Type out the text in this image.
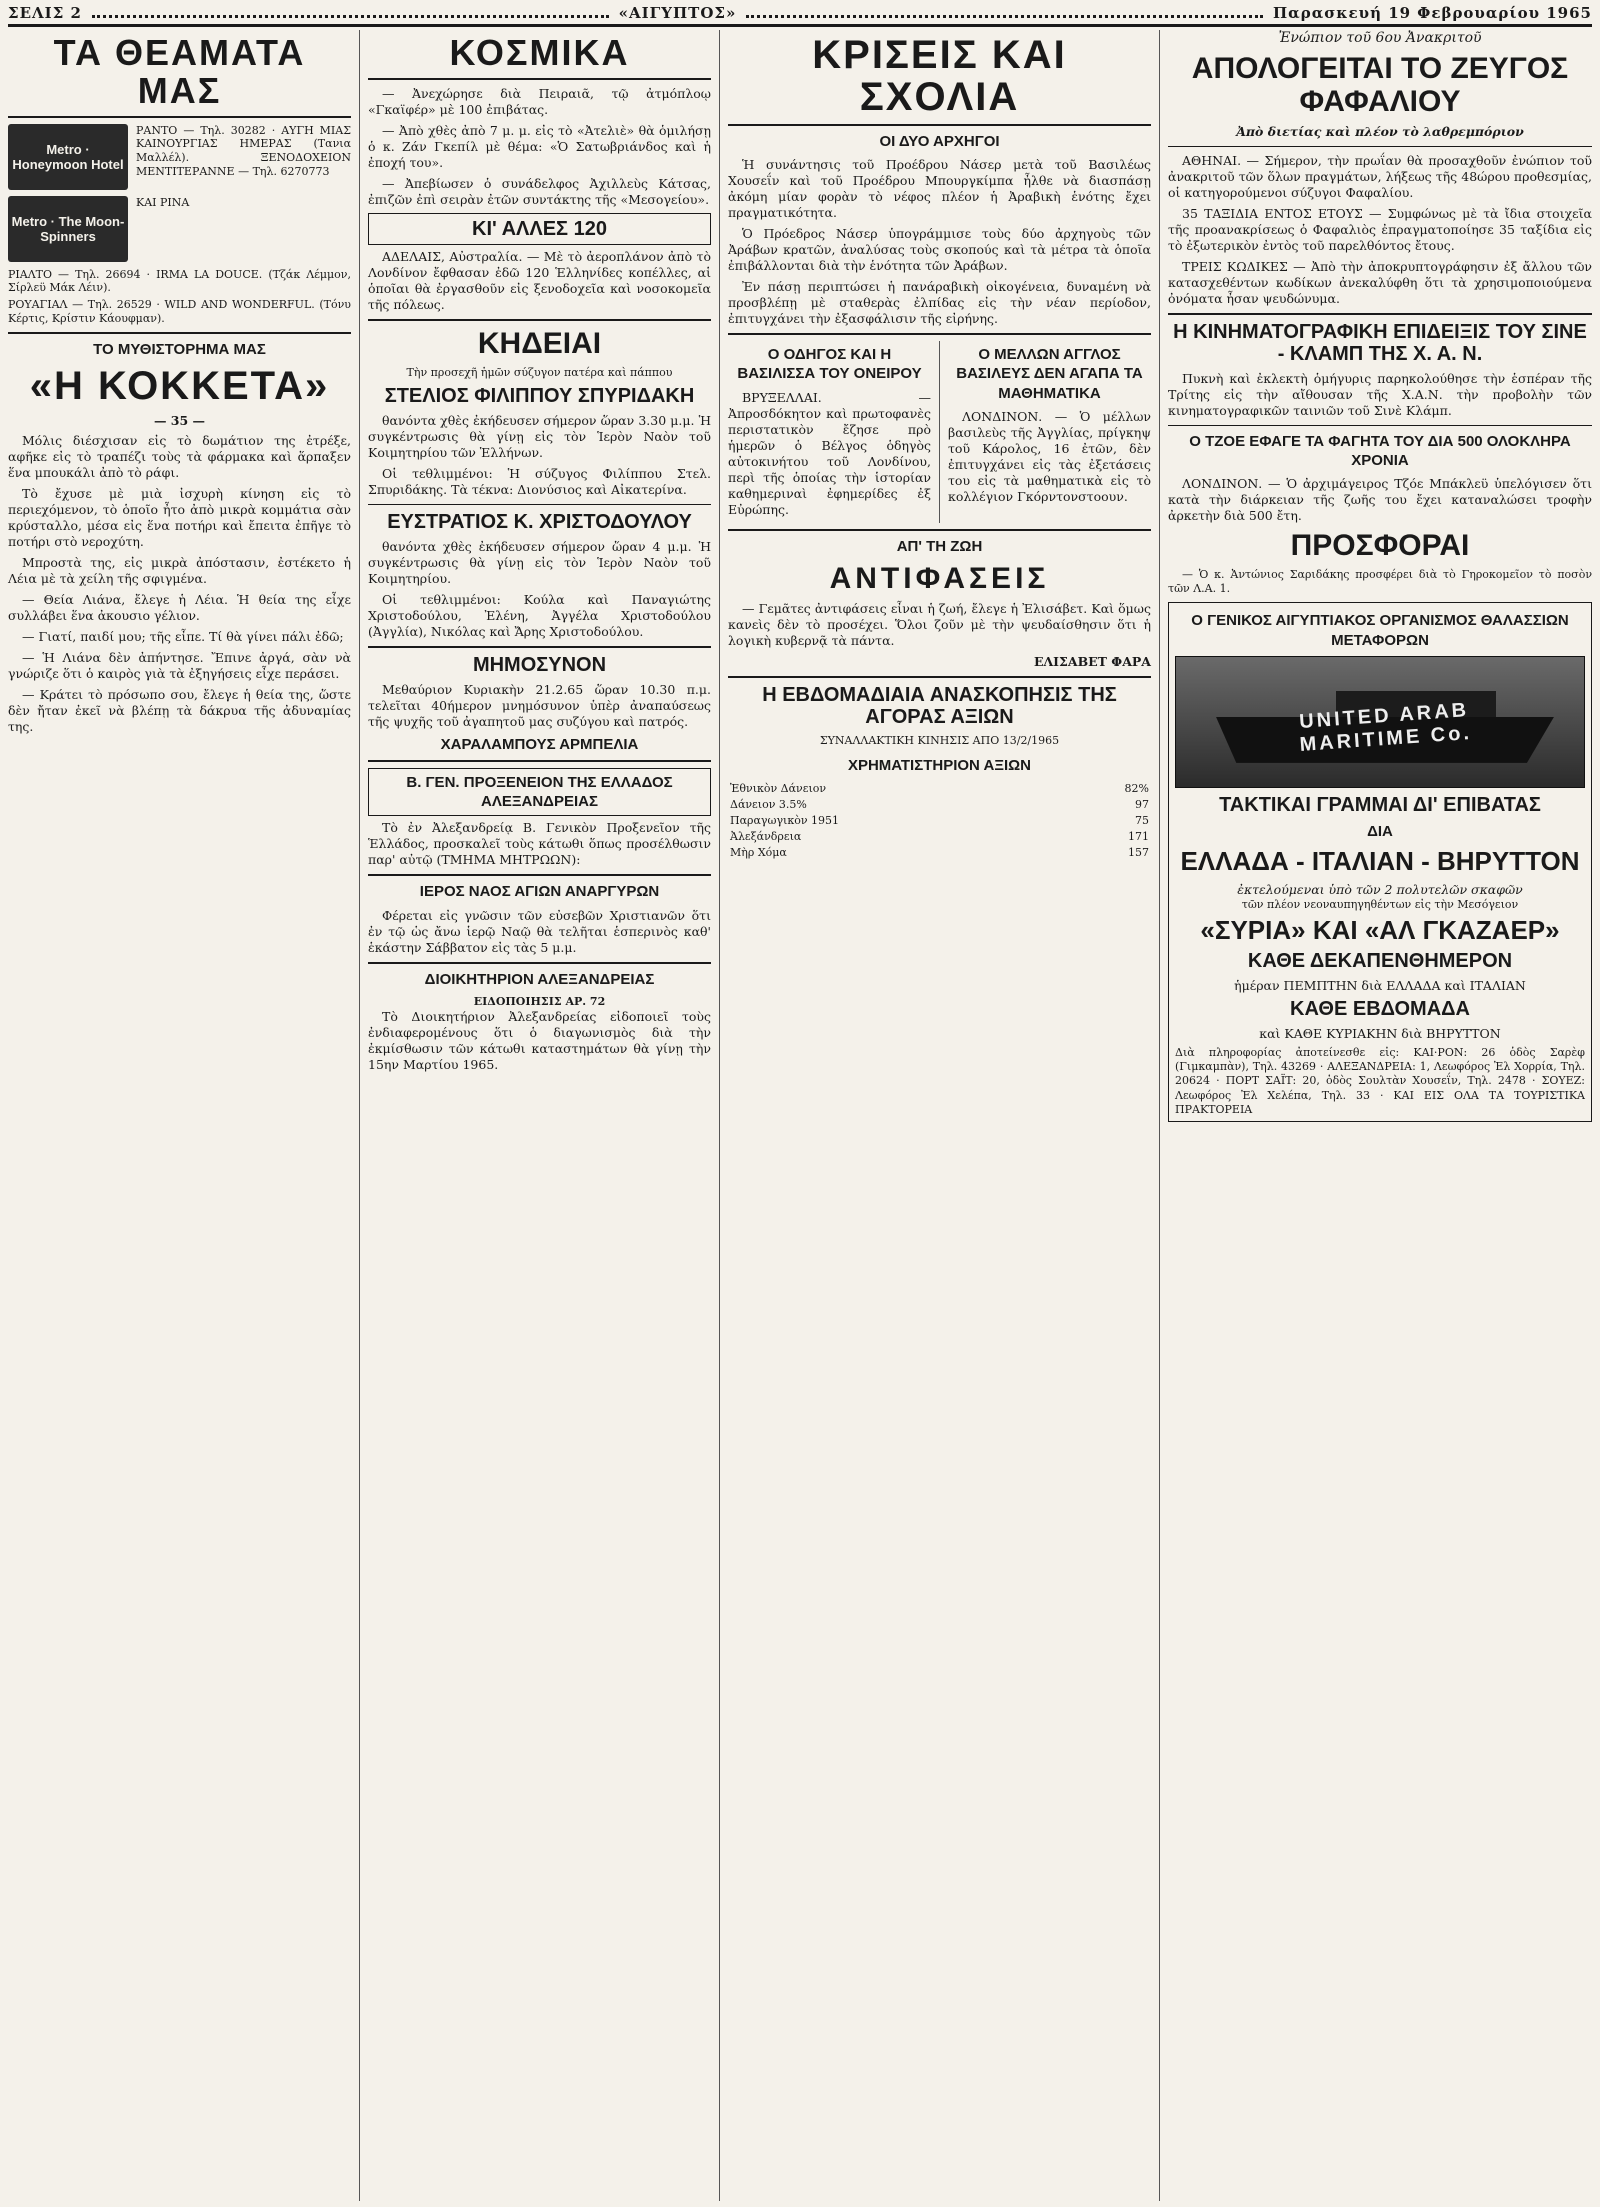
ΣΕΛΙΣ 2	«ΑΙΓΥΠΤΟΣ»	Παρασκευή 19 Φεβρουαρίου 1965
ΤΑ ΘΕΑΜΑΤΑ ΜΑΣ
Metro · Honeymoon Hotel
ΡΑΝΤΟ — Τηλ. 30282 · ΑΥΓΗ ΜΙΑΣ ΚΑΙΝΟΥΡΓΙΑΣ ΗΜΕΡΑΣ (Τανια Μαλλέλ). ΞΕΝΟΔΟΧΕΙΟΝ ΜΕΝΤΙΤΕΡΑΝΝΕ — Τηλ. 6270773
Metro · The Moon-Spinners
ΚΑΙ ΡΙΝΑ
ΡΙΑΛΤΟ — Τηλ. 26694 · IRMA LA DOUCE. (Τζάκ Λέμμον, Σίρλεϋ Μάκ Λέιν).
ΡΟΥΑΓΙΑΛ — Τηλ. 26529 · WILD AND WONDERFUL. (Τόνυ Κέρτις, Κρίστιν Κάουφμαν).
ΤΟ ΜΥΘΙΣΤΟΡΗΜΑ ΜΑΣ
«Η ΚΟΚΚΕΤΑ»
— 35 —

Μόλις διέσχισαν εἰς τὸ δωμάτιον της ἐτρέξε, αφῆκε εἰς τὸ τραπέζι τοὺς τὰ φάρμακα καὶ ἅρπαξεν ἕνα μπουκάλι ἀπὸ τὸ ράφι.

Τὸ ἔχυσε μὲ μιὰ ἰσχυρὴ κίνηση εἰς τὸ περιεχόμενον, τὸ ὁποῖο ἦτο ἀπὸ μικρὰ κομμάτια σὰν κρύσταλλο, μέσα εἰς ἕνα ποτήρι καὶ ἔπειτα ἐπῆγε τὸ ποτήρι στὸ νεροχύτη.

Μπροστὰ της, εἰς μικρὰ ἀπόστασιν, ἐστέκετο ἡ Λέια μὲ τὰ χείλη τῆς σφιγμένα.

— Θεία Λιάνα, ἔλεγε ἡ Λέια. Ἡ θεία της εἶχε συλλάβει ἕνα ἀκουσιο γέλιον.

— Γιατί, παιδί μου; τῆς εἶπε. Τί θὰ γίνει πάλι ἐδῶ;

— Ἡ Λιάνα δὲν ἀπήντησε. Ἔπινε ἀργά, σὰν νὰ γνώριζε ὅτι ὁ καιρὸς γιὰ τὰ ἐξηγήσεις εἶχε περάσει.

— Κράτει τὸ πρόσωπο σου, ἔλεγε ἡ θεία της, ὥστε δὲν ἤταν ἐκεῖ νὰ βλέπῃ τὰ δάκρυα τῆς ἀδυναμίας της.

ΚΟΣΜΙΚΑ

— Ἀνεχώρησε διὰ Πειραιᾶ, τῷ ἀτμόπλοῳ «Γκαϊφέρ» μὲ 100 ἐπιβάτας.

— Ἀπὸ χθὲς ἀπὸ 7 μ. μ. εἰς τὸ «Ἀτελιὲ» θὰ ὁμιλήσῃ ὁ κ. Ζάν Γκεπίλ μὲ θέμα: «Ὁ Σατωβριάνδος καὶ ἡ ἐποχή του».

— Ἀπεβίωσεν ὁ συνάδελφος Ἀχιλλεὺς Κάτσας, ἐπιζῶν ἐπὶ σειρὰν ἐτῶν συντάκτης τῆς «Μεσογείου».

ΚΙ' ΑΛΛΕΣ 120

ΑΔΕΛΑΙΣ, Αὐστραλία. — Μὲ τὸ ἀεροπλάνον ἀπὸ τὸ Λονδίνον ἔφθασαν ἐδῶ 120 Ἑλληνίδες κοπέλλες, αἱ ὁποῖαι θὰ ἐργασθοῦν εἰς ξενοδοχεῖα καὶ νοσοκομεῖα τῆς πόλεως.

ΚΗΔΕΙΑΙ

Τὴν προσεχῆ ἡμῶν σύζυγον πατέρα καὶ πάππου

ΣΤΕΛΙΟΣ ΦΙΛΙΠΠΟΥ ΣΠΥΡΙΔΑΚΗ

θανόντα χθὲς ἐκήδευσεν σήμερον ὥραν 3.30 μ.μ. Ἡ συγκέντρωσις θὰ γίνῃ εἰς τὸν Ἱερὸν Ναὸν τοῦ Κοιμητηρίου τῶν Ἑλλήνων.

Οἱ τεθλιμμένοι: Ἡ σύζυγος Φιλίππου Στελ. Σπυριδάκης. Τὰ τέκνα: Διονύσιος καὶ Αἰκατερίνα.

ΕΥΣΤΡΑΤΙΟΣ Κ. ΧΡΙΣΤΟΔΟΥΛΟΥ

θανόντα χθὲς ἐκήδευσεν σήμερον ὥραν 4 μ.μ. Ἡ συγκέντρωσις θὰ γίνῃ εἰς τὸν Ἱερὸν Ναὸν τοῦ Κοιμητηρίου.

Οἱ τεθλιμμένοι: Κούλα καὶ Παναγιώτης Χριστοδούλου, Ἐλένη, Ἀγγέλα Χριστοδούλου (Ἀγγλία), Νικόλας καὶ Ἄρης Χριστοδούλου.

ΜΗΜΟΣΥΝΟΝ

Μεθαύριον Κυριακὴν 21.2.65 ὥραν 10.30 π.μ. τελεῖται 40ήμερον μνημόσυνον ὑπὲρ ἀναπαύσεως τῆς ψυχῆς τοῦ ἀγαπητοῦ μας συζύγου καὶ πατρός.

ΧΑΡΑΛΑΜΠΟΥΣ ΑΡΜΠΕΛΙΑ
Β. ΓΕΝ. ΠΡΟΞΕΝΕΙΟΝ ΤΗΣ ΕΛΛΑΔΟΣ ΑΛΕΞΑΝΔΡΕΙΑΣ

Τὸ ἐν Ἀλεξανδρείᾳ Β. Γενικὸν Προξενεῖον τῆς Ἑλλάδος, προσκαλεῖ τοὺς κάτωθι ὅπως προσέλθωσιν παρ' αὐτῷ (ΤΜΗΜΑ ΜΗΤΡΩΩΝ):

ΙΕΡΟΣ ΝΑΟΣ ΑΓΙΩΝ ΑΝΑΡΓΥΡΩΝ

Φέρεται εἰς γνῶσιν τῶν εὐσεβῶν Χριστιανῶν ὅτι ἐν τῷ ὡς ἄνω ἱερῷ Ναῷ θὰ τελῆται ἑσπερινὸς καθ' ἑκάστην Σάββατον εἰς τὰς 5 μ.μ.

ΔΙΟΙΚΗΤΗΡΙΟΝ ΑΛΕΞΑΝΔΡΕΙΑΣ
ΕΙΔΟΠΟΙΗΣΙΣ ΑΡ. 72

Τὸ Διοικητήριον Ἀλεξανδρείας εἰδοποιεῖ τοὺς ἐνδιαφερομένους ὅτι ὁ διαγωνισμὸς διὰ τὴν ἐκμίσθωσιν τῶν κάτωθι καταστημάτων θὰ γίνῃ τὴν 15ην Μαρτίου 1965.

ΚΡΙΣΕΙΣ ΚΑΙ ΣΧΟΛΙΑ
ΟΙ ΔΥΟ ΑΡΧΗΓΟΙ

Ἡ συνάντησις τοῦ Προέδρου Νάσερ μετὰ τοῦ Βασιλέως Χουσεΐν καὶ τοῦ Προέδρου Μπουργκίμπα ἦλθε νὰ διασπάσῃ ἀκόμη μίαν φορὰν τὸ νέφος πλέον ἡ Ἀραβικὴ ἑνότης ἔχει πραγματικότητα.

Ὁ Πρόεδρος Νάσερ ὑπογράμμισε τοὺς δύο ἀρχηγοὺς τῶν Ἀράβων κρατῶν, ἀναλύσας τοὺς σκοπούς καὶ τὰ μέτρα τὰ ὁποῖα ἐπιβάλλονται διὰ τὴν ἑνότητα τῶν Ἀράβων.

Ἐν πάσῃ περιπτώσει ἡ πανάραβικὴ οἰκογένεια, δυναμένη νὰ προσβλέπῃ μὲ σταθερὰς ἐλπίδας εἰς τὴν νέαν περίοδον, ἐπιτυγχάνει τὴν ἐξασφάλισιν τῆς εἰρήνης.

Ο ΟΔΗΓΟΣ ΚΑΙ Η ΒΑΣΙΛΙΣΣΑ ΤΟΥ ΟΝΕΙΡΟΥ

ΒΡΥΞΕΛΛΑΙ. — Ἀπροσδόκητον καὶ πρωτοφανὲς περιστατικὸν ἔζησε πρὸ ἡμερῶν ὁ Βέλγος ὁδηγὸς αὐτοκινήτου τοῦ Λονδίνου, περὶ τῆς ὁποίας τὴν ἱστορίαν καθημεριναὶ ἐφημερίδες ἐξ Εὐρώπης.

Ο ΜΕΛΛΩΝ ΑΓΓΛΟΣ ΒΑΣΙΛΕΥΣ ΔΕΝ ΑΓΑΠΑ ΤΑ ΜΑΘΗΜΑΤΙΚΑ

ΛΟΝΔΙΝΟΝ. — Ὁ μέλλων βασιλεὺς τῆς Ἀγγλίας, πρίγκηψ τοῦ Κάρολος, 16 ἐτῶν, δὲν ἐπιτυγχάνει εἰς τὰς ἐξετάσεις του εἰς τὰ μαθηματικὰ εἰς τὸ κολλέγιον Γκόρντονστοουν.

ΑΠ' ΤΗ ΖΩΗ
ΑΝΤΙΦΑΣΕΙΣ

— Γεμᾶτες ἀντιφάσεις εἶναι ἡ ζωή, ἔλεγε ἡ Ἐλισάβετ. Καὶ ὅμως κανεὶς δὲν τὸ προσέχει. Ὅλοι ζοῦν μὲ τὴν ψευδαίσθησιν ὅτι ἡ λογικὴ κυβερνᾷ τὰ πάντα.

ΕΛΙΣΑΒΕΤ ΦΑΡΑ
Η ΕΒΔΟΜΑΔΙΑΙΑ ΑΝΑΣΚΟΠΗΣΙΣ ΤΗΣ ΑΓΟΡΑΣ ΑΞΙΩΝ
ΣΥΝΑΛΛΑΚΤΙΚΗ ΚΙΝΗΣΙΣ ΑΠΟ 13/2/1965
ΧΡΗΜΑΤΙΣΤΗΡΙΟΝ ΑΞΙΩΝ
Ἐθνικὸν Δάνειον	82%
Δάνειον 3.5%	97
Παραγωγικὸν 1951	75
Ἀλεξάνδρεια	171
Μὴρ Χόμα	157
Ἐνώπιον τοῦ 6ου Ἀνακριτοῦ
ΑΠΟΛΟΓΕΙΤΑΙ ΤΟ ΖΕΥΓΟΣ ΦΑΦΑΛΙΟΥ
Ἀπὸ διετίας καὶ πλέον τὸ λαθρεμπόριον

ΑΘΗΝΑΙ. — Σήμερον, τὴν πρωΐαν θὰ προσαχθοῦν ἐνώπιον τοῦ ἀνακριτοῦ τῶν ὅλων πραγμάτων, λήξεως τῆς 48ώρου προθεσμίας, οἱ κατηγορούμενοι σύζυγοι Φαφαλίου.

35 ΤΑΞΙΔΙΑ ΕΝΤΟΣ ΕΤΟΥΣ — Συμφώνως μὲ τὰ ἴδια στοιχεῖα τῆς προανακρίσεως ὁ Φαφαλιὸς ἐπραγματοποίησε 35 ταξίδια εἰς τὸ ἐξωτερικὸν ἐντὸς τοῦ παρελθόντος ἔτους.

ΤΡΕΙΣ ΚΩΔΙΚΕΣ — Ἀπὸ τὴν ἀποκρυπτογράφησιν ἐξ ἄλλου τῶν κατασχεθέντων κωδίκων ἀνεκαλύφθη ὅτι τὰ χρησιμοποιούμενα ὀνόματα ἦσαν ψευδώνυμα.

Η ΚΙΝΗΜΑΤΟΓΡΑΦΙΚΗ ΕΠΙΔΕΙΞΙΣ ΤΟΥ ΣΙΝΕ - ΚΛΑΜΠ ΤΗΣ Χ. Α. Ν.

Πυκνὴ καὶ ἐκλεκτὴ ὁμήγυρις παρηκολούθησε τὴν ἑσπέραν τῆς Τρίτης εἰς τὴν αἴθουσαν τῆς Χ.Α.Ν. τὴν προβολὴν τῶν κινηματογραφικῶν ταινιῶν τοῦ Σινὲ Κλάμπ.

Ο ΤΖΟΕ ΕΦΑΓΕ ΤΑ ΦΑΓΗΤΑ ΤΟΥ ΔΙΑ 500 ΟΛΟΚΛΗΡΑ ΧΡΟΝΙΑ

ΛΟΝΔΙΝΟΝ. — Ὁ ἀρχιμάγειρος Τζόε Μπάκλεϋ ὑπελόγισεν ὅτι κατὰ τὴν διάρκειαν τῆς ζωῆς του ἔχει καταναλώσει τροφὴν ἀρκετὴν διὰ 500 ἔτη.

ΠΡΟΣΦΟΡΑΙ

— Ὁ κ. Ἀντώνιος Σαριδάκης προσφέρει διὰ τὸ Γηροκομεῖον τὸ ποσὸν τῶν Λ.Α. 1.

Ο ΓΕΝΙΚΟΣ ΑΙΓΥΠΤΙΑΚΟΣ ΟΡΓΑΝΙΣΜΟΣ ΘΑΛΑΣΣΙΩΝ ΜΕΤΑΦΟΡΩΝ
UNITED ARAB MARITIME Co.
ΤΑΚΤΙΚΑΙ ΓΡΑΜΜΑΙ ΔΙ' ΕΠΙΒΑΤΑΣ
ΔΙΑ
ΕΛΛΑΔΑ - ΙΤΑΛΙΑΝ - ΒΗΡΥΤΤΟΝ
ἐκτελούμεναι ὑπὸ τῶν 2 πολυτελῶν σκαφῶν
τῶν πλέον νεοναυπηγηθέντων εἰς τὴν Μεσόγειον
«ΣΥΡΙΑ» ΚΑΙ «ΑΛ ΓΚΑΖΑΕΡ»
ΚΑΘΕ ΔΕΚΑΠΕΝΘΗΜΕΡΟΝ
ἡμέραν ΠΕΜΠΤΗΝ διὰ ΕΛΛΑΔΑ καὶ ΙΤΑΛΙΑΝ
ΚΑΘΕ ΕΒΔΟΜΑΔΑ
καὶ ΚΑΘΕ ΚΥΡΙΑΚΗΝ διὰ ΒΗΡΥΤΤΟΝ
Διὰ πληροφορίας ἀποτείνεσθε εἰς: ΚΑΙ·ΡΟΝ: 26 ὁδὸς Σαρὲφ (Γιμκαμπὰν), Τηλ. 43269 · ΑΛΕΞΑΝΔΡΕΙΑ: 1, Λεωφόρος Ἐλ Χορρία, Τηλ. 20624 · ΠΟΡΤ ΣΑΪΤ: 20, ὁδὸς Σουλτὰν Χουσεΐν, Τηλ. 2478 · ΣΟΥΕΖ: Λεωφόρος Ἐλ Χελέπα, Τηλ. 33 · ΚΑΙ ΕΙΣ ΟΛΑ ΤΑ ΤΟΥΡΙΣΤΙΚΑ ΠΡΑΚΤΟΡΕΙΑ
